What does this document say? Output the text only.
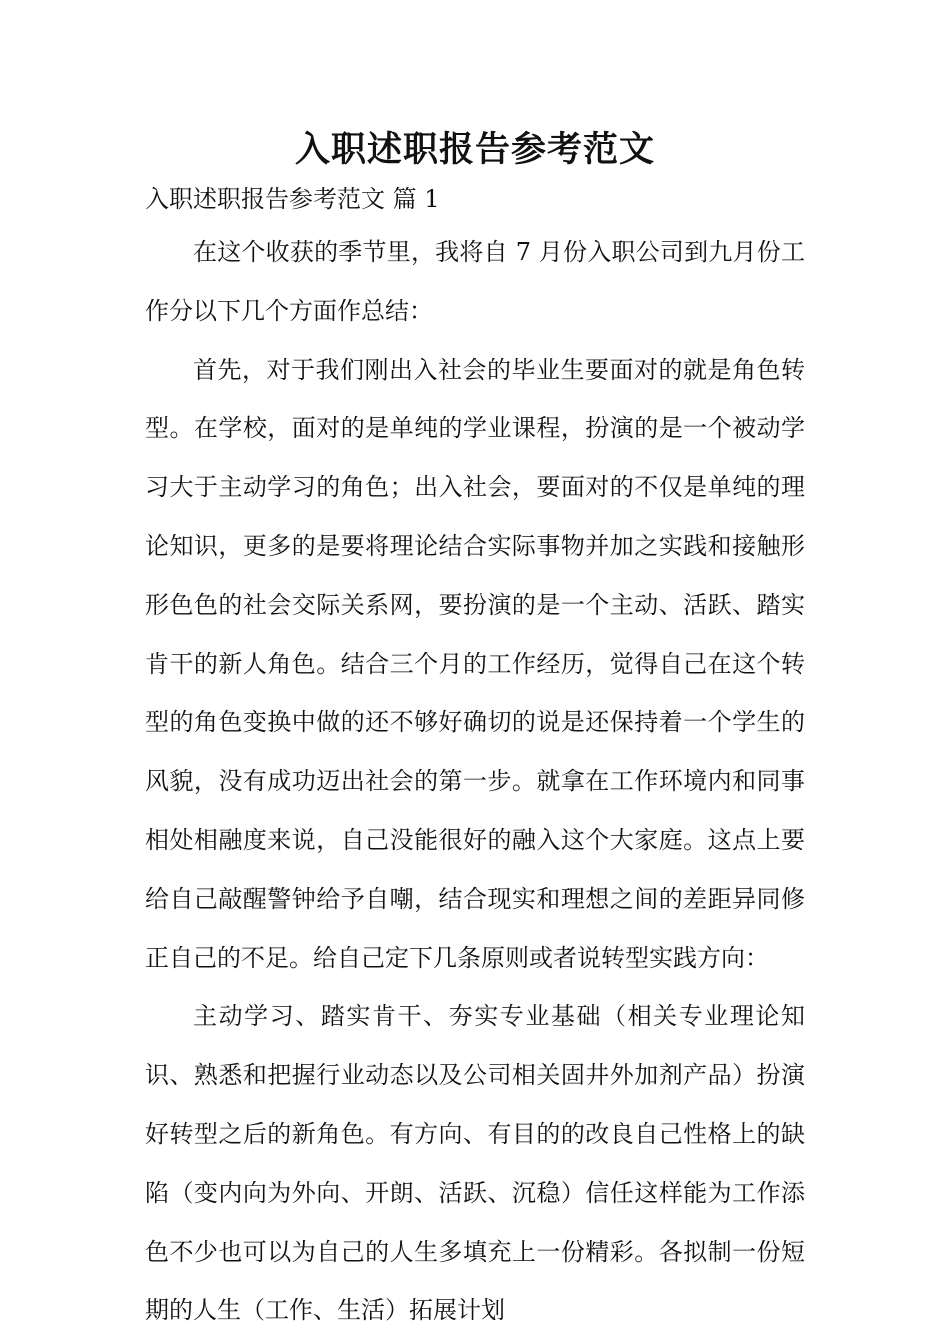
入职述职报告参考范文
入职述职报告参考范文 篇 1

在这个收获的季节里，我将自 7 月份入职公司到九月份工作分以下几个方面作总结：

首先，对于我们刚出入社会的毕业生要面对的就是角色转型。在学校，面对的是单纯的学业课程，扮演的是一个被动学习大于主动学习的角色；出入社会，要面对的不仅是单纯的理论知识，更多的是要将理论结合实际事物并加之实践和接触形形色色的社会交际关系网，要扮演的是一个主动、活跃、踏实肯干的新人角色。结合三个月的工作经历，觉得自己在这个转型的角色变换中做的还不够好确切的说是还保持着一个学生的风貌，没有成功迈出社会的第一步。就拿在工作环境内和同事相处相融度来说，自己没能很好的融入这个大家庭。这点上要给自己敲醒警钟给予自嘲，结合现实和理想之间的差距异同修正自己的不足。给自己定下几条原则或者说转型实践方向：

主动学习、踏实肯干、夯实专业基础（相关专业理论知识、熟悉和把握行业动态以及公司相关固井外加剂产品）扮演好转型之后的新角色。有方向、有目的的改良自己性格上的缺陷（变内向为外向、开朗、活跃、沉稳）信任这样能为工作添色不少也可以为自己的人生多填充上一份精彩。各拟制一份短期的人生（工作、生活）拓展计划
